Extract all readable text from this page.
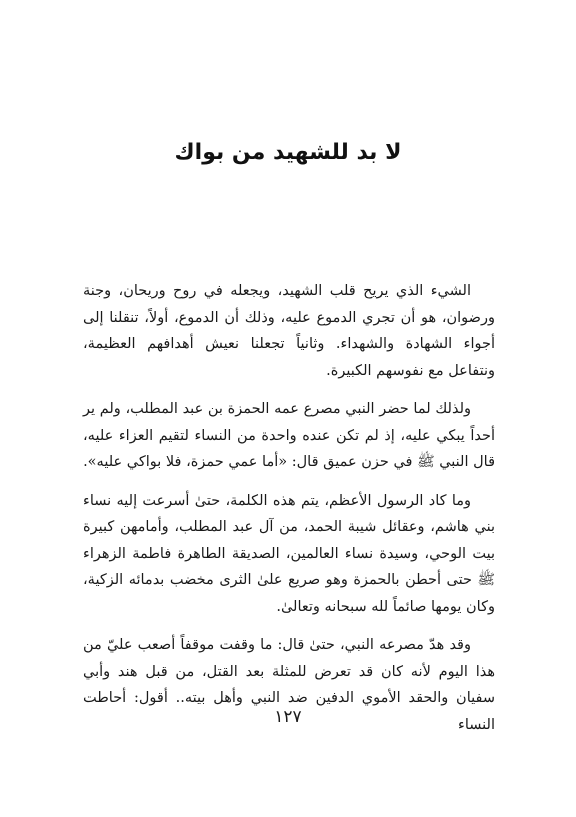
لا بد للشهيد من بواك

الشيء الذي يريح قلب الشهيد، ويجعله في روح وريحان، وجنة ورضوان، هو أن تجري الدموع عليه، وذلك أن الدموع، أولاً، تنقلنا إلى أجواء الشهادة والشهداء. وثانياً تجعلنا نعيش أهدافهم العظيمة، ونتفاعل مع نفوسهم الكبيرة.

ولذلك لما حضر النبي مصرع عمه الحمزة بن عبد المطلب، ولم ير أحداً يبكي عليه، إذ لم تكن عنده واحدة من النساء لتقيم العزاء عليه، قال النبي ﷺ في حزن عميق قال: «أما عمي حمزة، فلا بواكي عليه».

وما كاد الرسول الأعظم، يتم هذه الكلمة، حتىٰ أسرعت إليه نساء بني هاشم، وعقائل شيبة الحمد، من آل عبد المطلب، وأمامهن كبيرة بيت الوحي، وسيدة نساء العالمين، الصديقة الطاهرة فاطمة الزهراء ﷺ حتى أحطن بالحمزة وهو صريع علىٰ الثرى مخضب بدمائه الزكية، وكان يومها صائماً لله سبحانه وتعالىٰ.

وقد هدّ مصرعه النبي، حتىٰ قال: ما وقفت موقفاً أصعب عليّ من هذا اليوم لأنه كان قد تعرض للمثلة بعد القتل، من قبل هند وأبي سفيان والحقد الأموي الدفين ضد النبي وأهل بيته.. أقول: أحاطت النساء

١٢٧
